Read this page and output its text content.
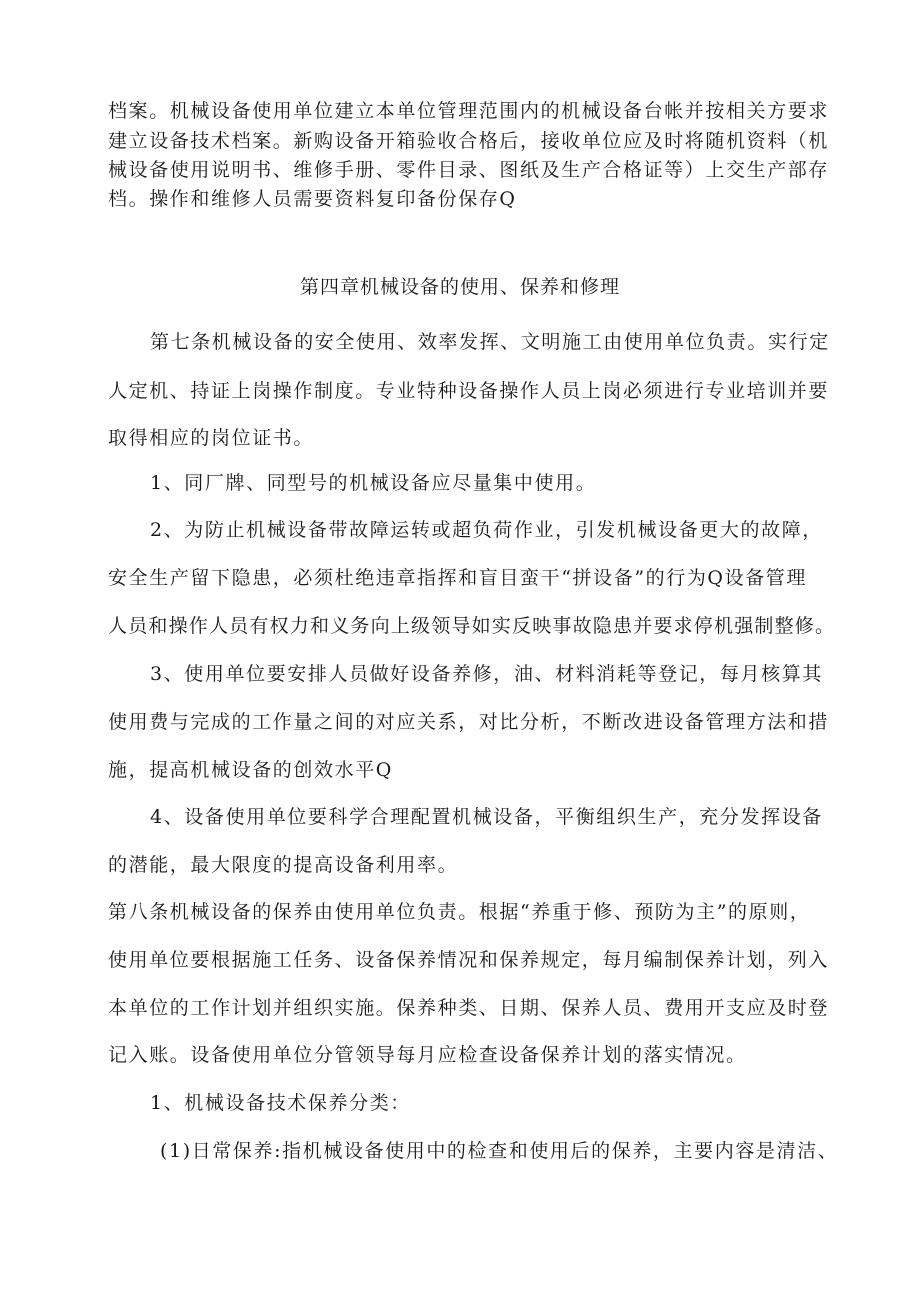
档案。机械设备使用单位建立本单位管理范围内的机械设备台帐并按相关方要求
建立设备技术档案。新购设备开箱验收合格后，接收单位应及时将随机资料（机
械设备使用说明书、维修手册、零件目录、图纸及生产合格证等）上交生产部存
档。操作和维修人员需要资料复印备份保存Q
第四章机械设备的使用、保养和修理
第七条机械设备的安全使用、效率发挥、文明施工由使用单位负责。实行定
人定机、持证上岗操作制度。专业特种设备操作人员上岗必须进行专业培训并要
取得相应的岗位证书。
1、同厂牌、同型号的机械设备应尽量集中使用。
2、为防止机械设备带故障运转或超负荷作业，引发机械设备更大的故障，
安全生产留下隐患，必须杜绝违章指挥和盲目蛮干“拼设备”的行为Q设备管理
人员和操作人员有权力和义务向上级领导如实反映事故隐患并要求停机强制整修。
3、使用单位要安排人员做好设备养修，油、材料消耗等登记，每月核算其
使用费与完成的工作量之间的对应关系，对比分析，不断改进设备管理方法和措
施，提高机械设备的创效水平Q
4、设备使用单位要科学合理配置机械设备，平衡组织生产，充分发挥设备
的潜能，最大限度的提高设备利用率。
第八条机械设备的保养由使用单位负责。根据“养重于修、预防为主”的原则，
使用单位要根据施工任务、设备保养情况和保养规定，每月编制保养计划，列入
本单位的工作计划并组织实施。保养种类、日期、保养人员、费用开支应及时登
记入账。设备使用单位分管领导每月应检查设备保养计划的落实情况。
1、机械设备技术保养分类：
(1)日常保养:指机械设备使用中的检查和使用后的保养，主要内容是清洁、
